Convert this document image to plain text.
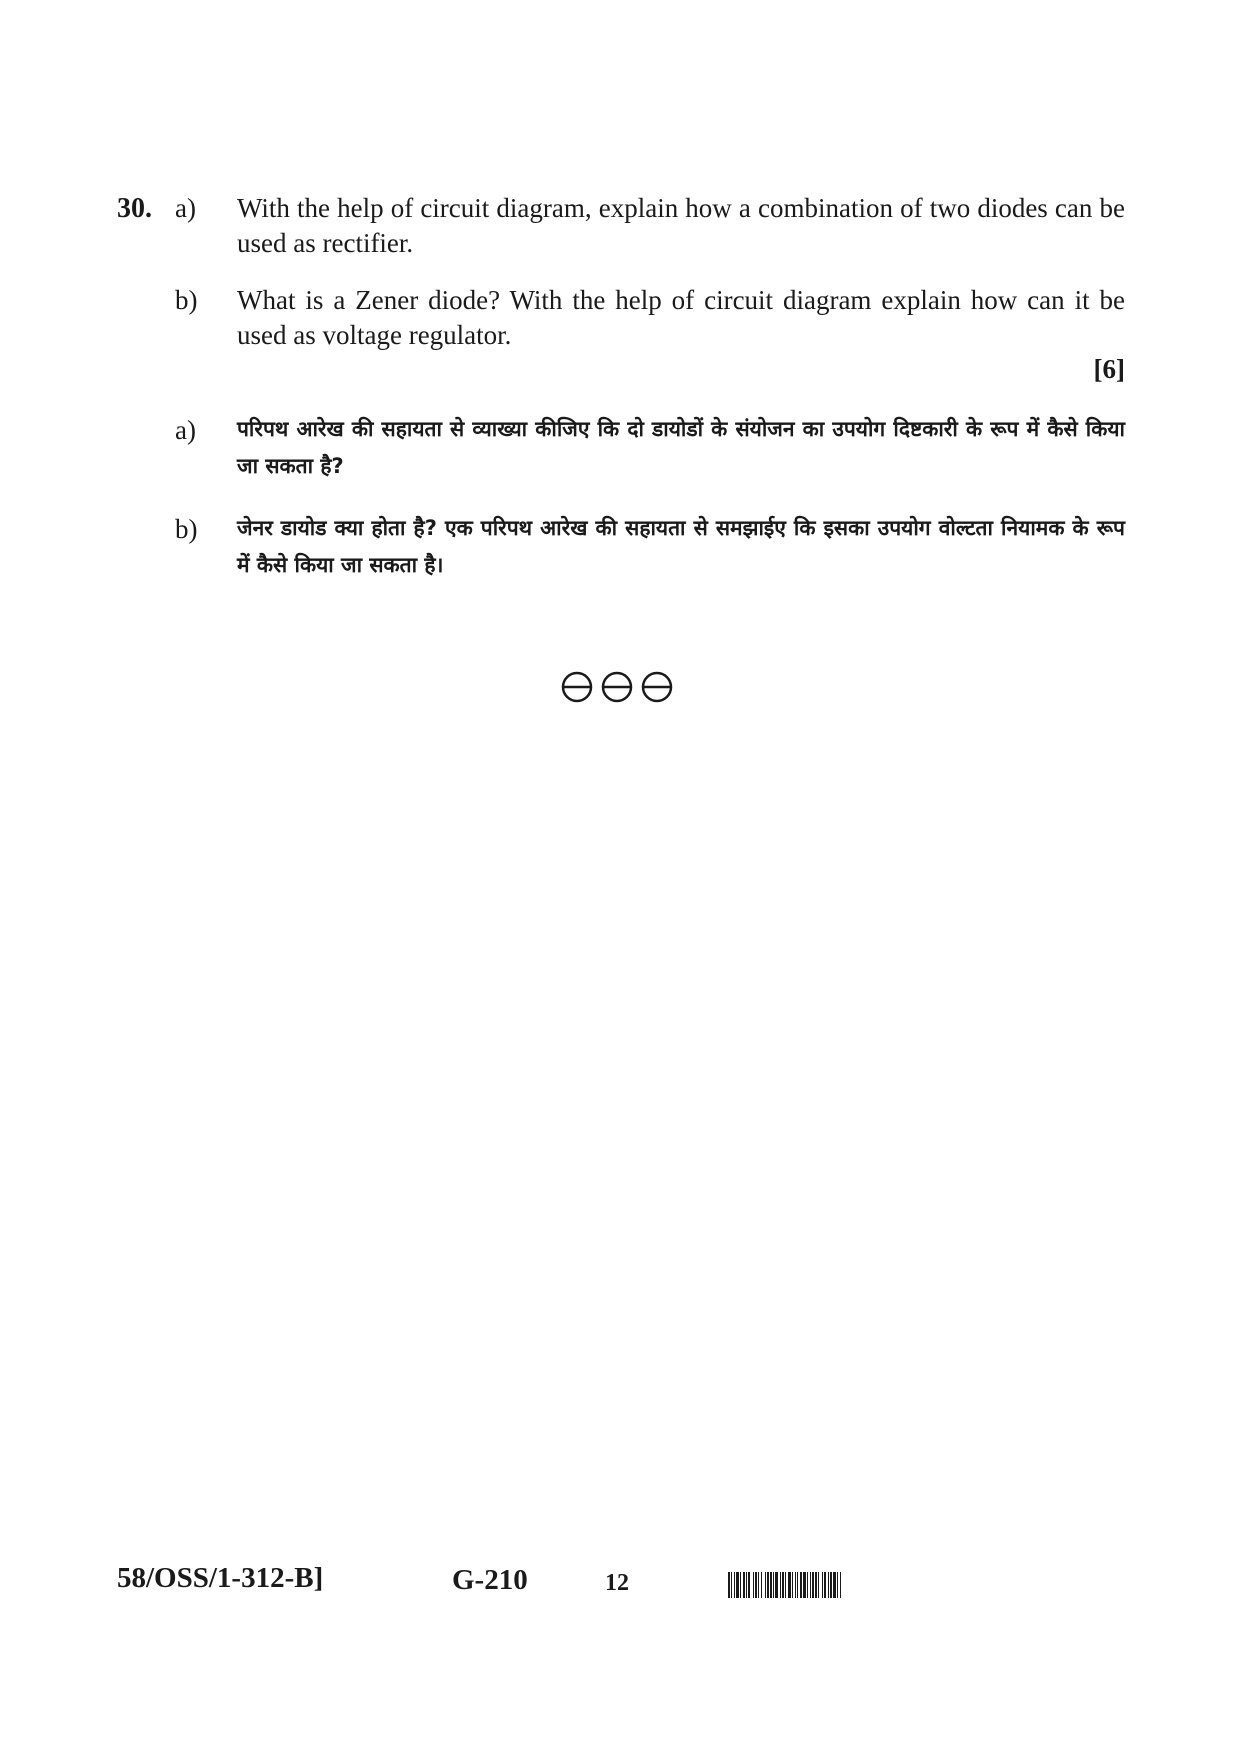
30. a) With the help of circuit diagram, explain how a combination of two diodes can be used as rectifier.
b) What is a Zener diode? With the help of circuit diagram explain how can it be used as voltage regulator.
[6]
a) परिपथ आरेख की सहायता से व्याख्या कीजिए कि दो डायोडों के संयोजन का उपयोग दिष्टकारी के रूप में कैसे किया जा सकता है?
b) जेनर डायोड क्या होता है? एक परिपथ आरेख की सहायता से समझाईए कि इसका उपयोग वोल्टता नियामक के रूप में कैसे किया जा सकता है।
58/OSS/1-312-B]	G-210	12
